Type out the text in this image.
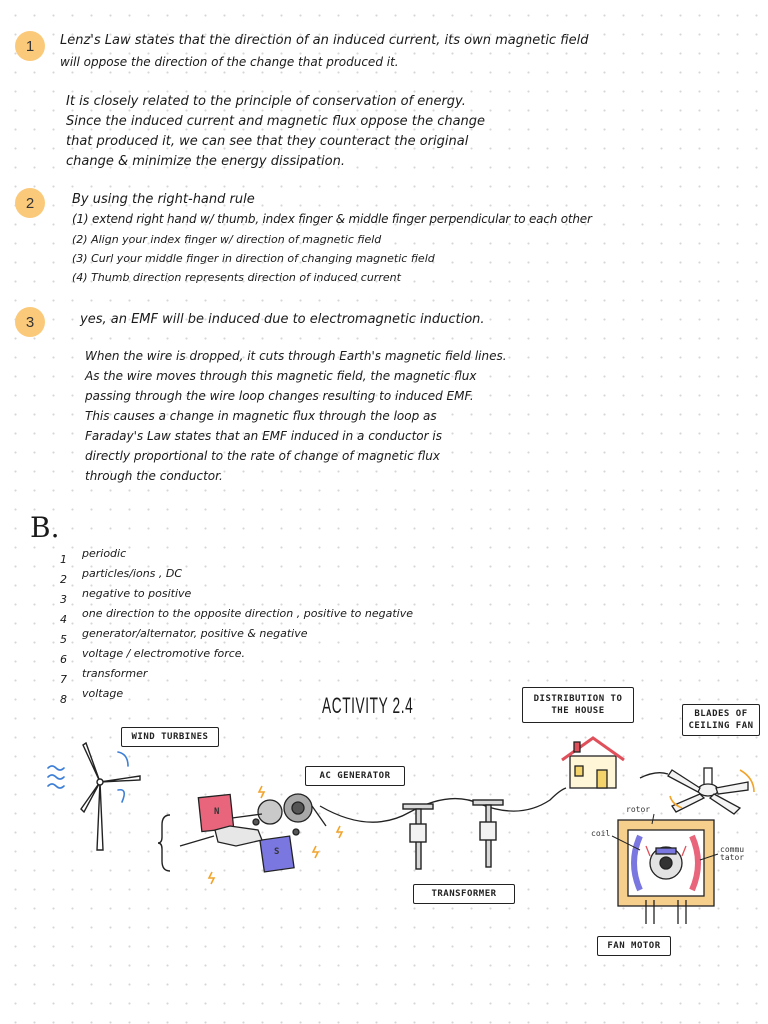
1	Lenz's Law states that the direction of an induced current, its own magnetic field
will oppose the direction of the change that produced it.
It is closely related to the principle of conservation of energy.
Since the induced current and magnetic flux oppose the change
that produced it, we can see that they counteract the original
change & minimize the energy dissipation.
2	By using the right-hand rule
(1) extend right hand w/ thumb, index finger & middle finger perpendicular to each other
(2) Align your index finger w/ direction of magnetic field
(3) Curl your middle finger in direction of changing magnetic field
(4) Thumb direction represents direction of induced current
3	yes, an EMF will be induced due to electromagnetic induction.
When the wire is dropped, it cuts through Earth's magnetic field lines.
As the wire moves through this magnetic field, the magnetic flux
passing through the wire loop changes resulting to induced EMF.
This causes a change in magnetic flux through the loop as
Faraday's Law states that an EMF induced in a conductor is
directly proportional to the rate of change of magnetic flux
through the conductor.
B.
1 periodic
2 particles/ions , DC
3 negative to positive
4 one direction to the opposite direction , positive to negative
5 generator/alternator, positive & negative
6 voltage / electromotive force.
7 transformer
8 voltage	ACTIVITY 2.4
WIND TURBINES
AC GENERATOR
DISTRIBUTION TO
THE HOUSE	BLADES OF
CEILING FAN
TRANSFORMER
FAN MOTOR
rotor
coil
commu
tator
N
S
